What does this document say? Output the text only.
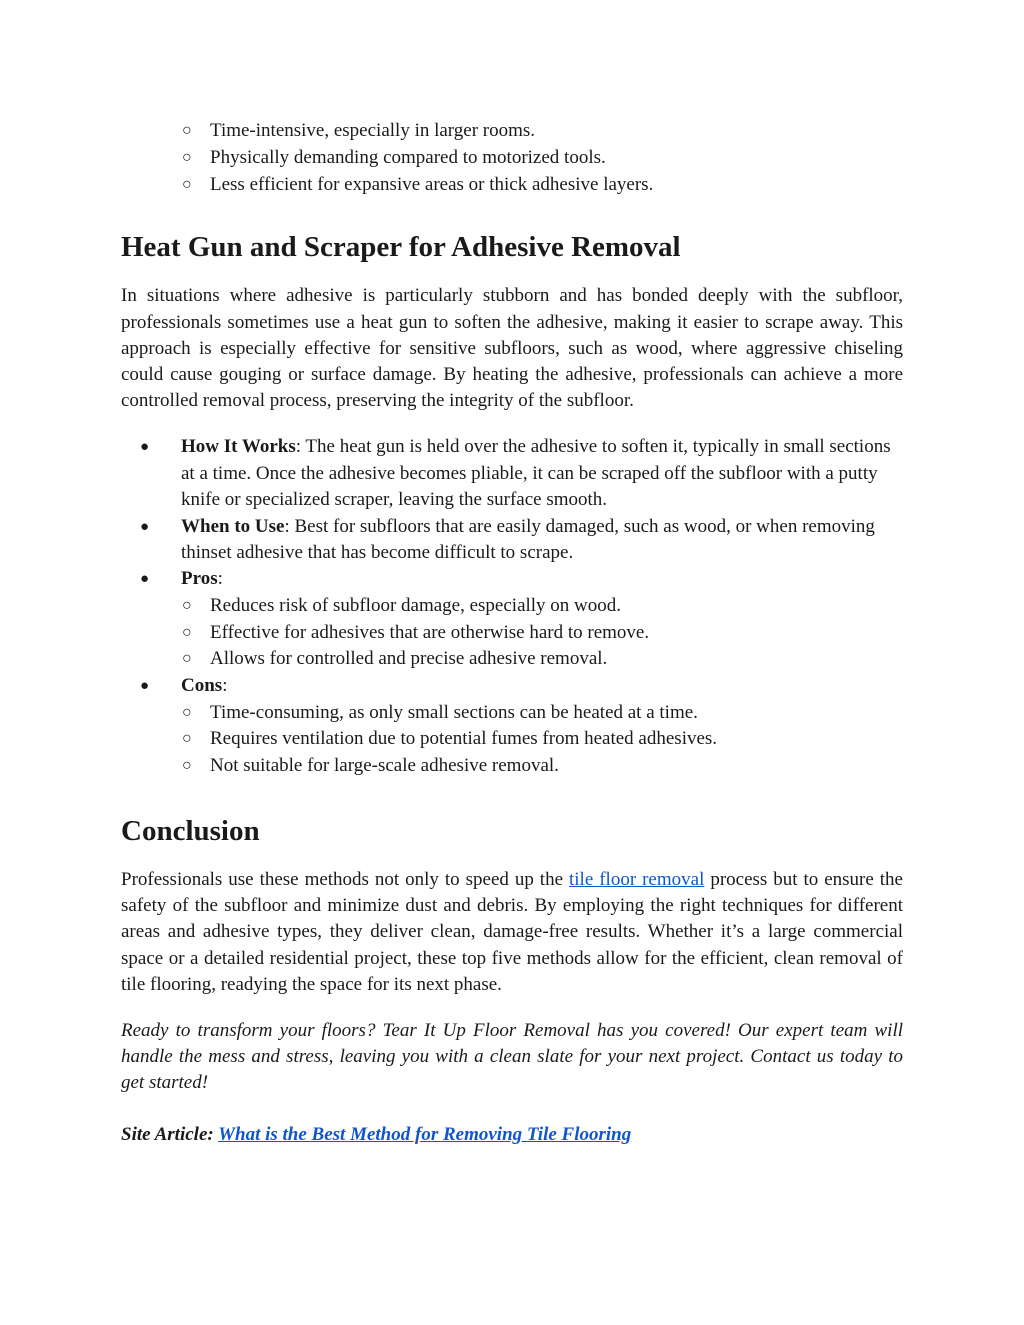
○ Time-intensive, especially in larger rooms.
○ Physically demanding compared to motorized tools.
○ Less efficient for expansive areas or thick adhesive layers.
Heat Gun and Scraper for Adhesive Removal

In situations where adhesive is particularly stubborn and has bonded deeply with the subfloor, professionals sometimes use a heat gun to soften the adhesive, making it easier to scrape away. This approach is especially effective for sensitive subfloors, such as wood, where aggressive chiseling could cause gouging or surface damage. By heating the adhesive, professionals can achieve a more controlled removal process, preserving the integrity of the subfloor.

● How It Works: The heat gun is held over the adhesive to soften it, typically in small sections at a time. Once the adhesive becomes pliable, it can be scraped off the subfloor with a putty knife or specialized scraper, leaving the surface smooth.
● When to Use: Best for subfloors that are easily damaged, such as wood, or when removing thinset adhesive that has become difficult to scrape.
● Pros:
○ Reduces risk of subfloor damage, especially on wood.
○ Effective for adhesives that are otherwise hard to remove.
○ Allows for controlled and precise adhesive removal.
● Cons:
○ Time-consuming, as only small sections can be heated at a time.
○ Requires ventilation due to potential fumes from heated adhesives.
○ Not suitable for large-scale adhesive removal.
Conclusion

Professionals use these methods not only to speed up the tile floor removal process but to ensure the safety of the subfloor and minimize dust and debris. By employing the right techniques for different areas and adhesive types, they deliver clean, damage-free results. Whether it’s a large commercial space or a detailed residential project, these top five methods allow for the efficient, clean removal of tile flooring, readying the space for its next phase.

Ready to transform your floors? Tear It Up Floor Removal has you covered! Our expert team will handle the mess and stress, leaving you with a clean slate for your next project. Contact us today to get started!

Site Article: What is the Best Method for Removing Tile Flooring
